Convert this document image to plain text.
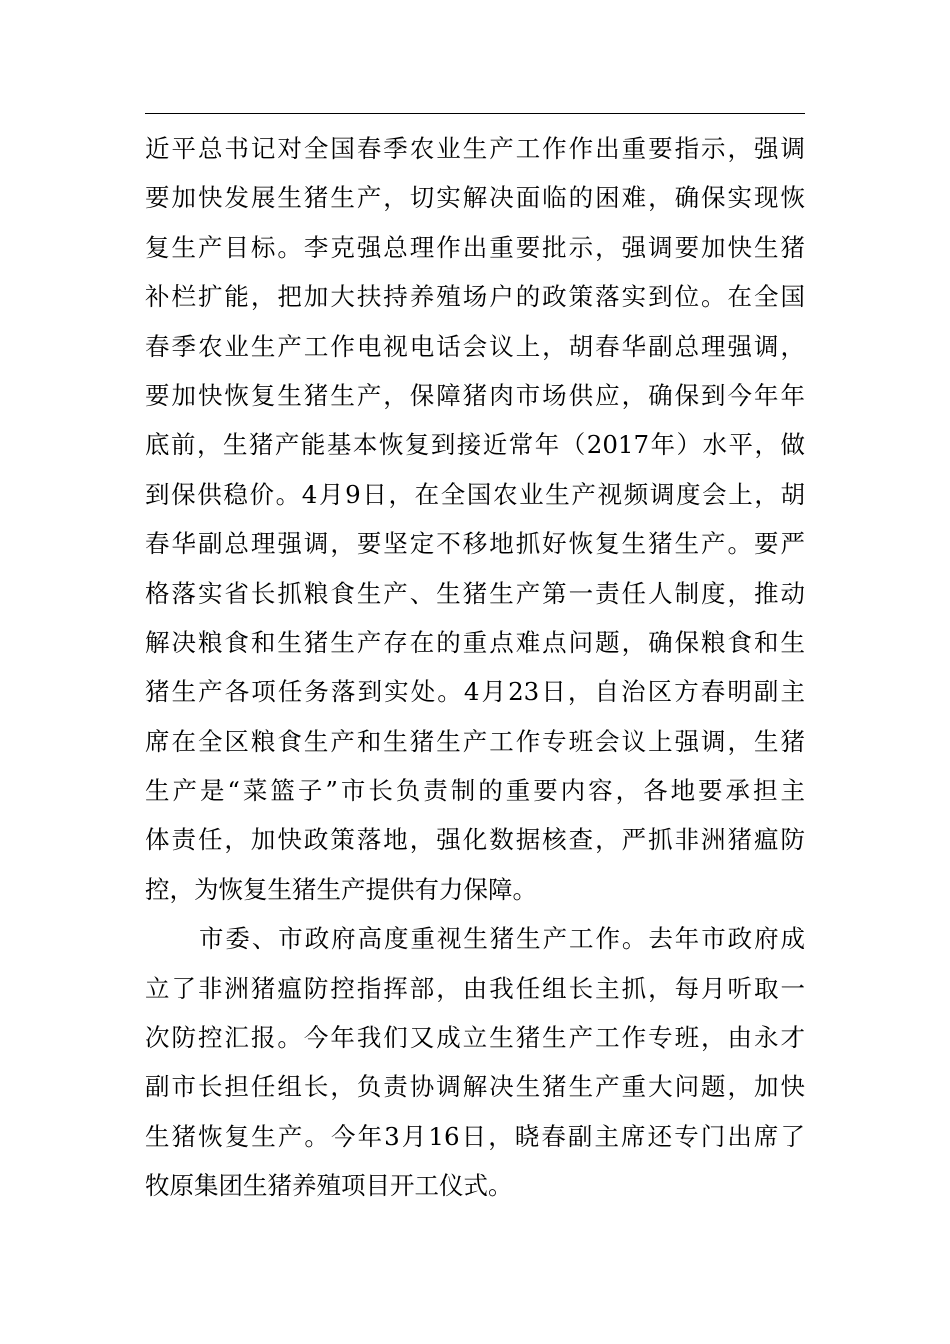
近平总书记对全国春季农业生产工作作出重要指示，强调
要加快发展生猪生产，切实解决面临的困难，确保实现恢
复生产目标。李克强总理作出重要批示，强调要加快生猪
补栏扩能，把加大扶持养殖场户的政策落实到位。在全国
春季农业生产工作电视电话会议上，胡春华副总理强调，
要加快恢复生猪生产，保障猪肉市场供应，确保到今年年
底前，生猪产能基本恢复到接近常年（2017年）水平，做
到保供稳价。4月9日，在全国农业生产视频调度会上，胡
春华副总理强调，要坚定不移地抓好恢复生猪生产。要严
格落实省长抓粮食生产、生猪生产第一责任人制度，推动
解决粮食和生猪生产存在的重点难点问题，确保粮食和生
猪生产各项任务落到实处。4月23日，自治区方春明副主
席在全区粮食生产和生猪生产工作专班会议上强调，生猪
生产是“菜篮子”市长负责制的重要内容，各地要承担主
体责任，加快政策落地，强化数据核查，严抓非洲猪瘟防
控，为恢复生猪生产提供有力保障。
市委、市政府高度重视生猪生产工作。去年市政府成
立了非洲猪瘟防控指挥部，由我任组长主抓，每月听取一
次防控汇报。今年我们又成立生猪生产工作专班，由永才
副市长担任组长，负责协调解决生猪生产重大问题，加快
生猪恢复生产。今年3月16日，晓春副主席还专门出席了
牧原集团生猪养殖项目开工仪式。
